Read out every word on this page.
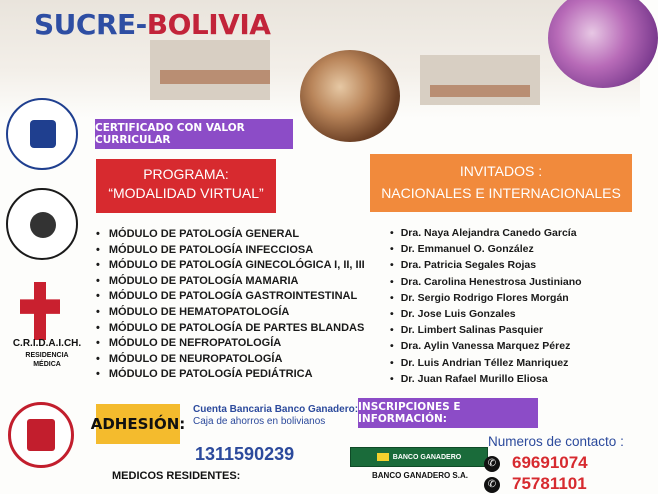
SUCRE-BOLIVIA
C.R.I.D.A.I.CH.
RESIDENCIA
MÉDICA
CERTIFICADO CON VALOR CURRICULAR
PROGRAMA:
“MODALIDAD VIRTUAL”
INVITADOS :
NACIONALES E INTERNACIONALES
• MÓDULO DE PATOLOGÍA GENERAL
• MÓDULO DE PATOLOGÍA INFECCIOSA
• MÓDULO DE PATOLOGÍA GINECOLÓGICA I, II, III
• MÓDULO DE PATOLOGÍA MAMARIA
• MÓDULO DE PATOLOGÍA GASTROINTESTINAL
• MÓDULO DE HEMATOPATOLOGÍA
• MÓDULO DE PATOLOGÍA DE PARTES BLANDAS
• MÓDULO DE NEFROPATOLOGÍA
• MÓDULO DE NEUROPATOLOGÍA
• MÓDULO DE PATOLOGÍA PEDIÁTRICA
• Dra. Naya Alejandra Canedo García
• Dr. Emmanuel O. González
• Dra. Patricia Segales Rojas
• Dra. Carolina Henestrosa Justiniano
• Dr. Sergio Rodrigo Flores Morgán
• Dr. Jose Luis Gonzales
• Dr. Limbert Salinas Pasquier
• Dra. Aylin Vanessa Marquez Pérez
• Dr. Luis Andrian Téllez Manriquez
• Dr. Juan Rafael Murillo Eliosa
ADHESIÓN:
Cuenta Bancaria Banco Ganadero: Caja de ahorros en bolivianos
1311590239
MEDICOS RESIDENTES:
INSCRIPCIONES E INFORMACIÓN:
BANCO GANADERO
BANCO GANADERO S.A.
Numeros de contacto :
✆ 69691074
✆ 75781101
